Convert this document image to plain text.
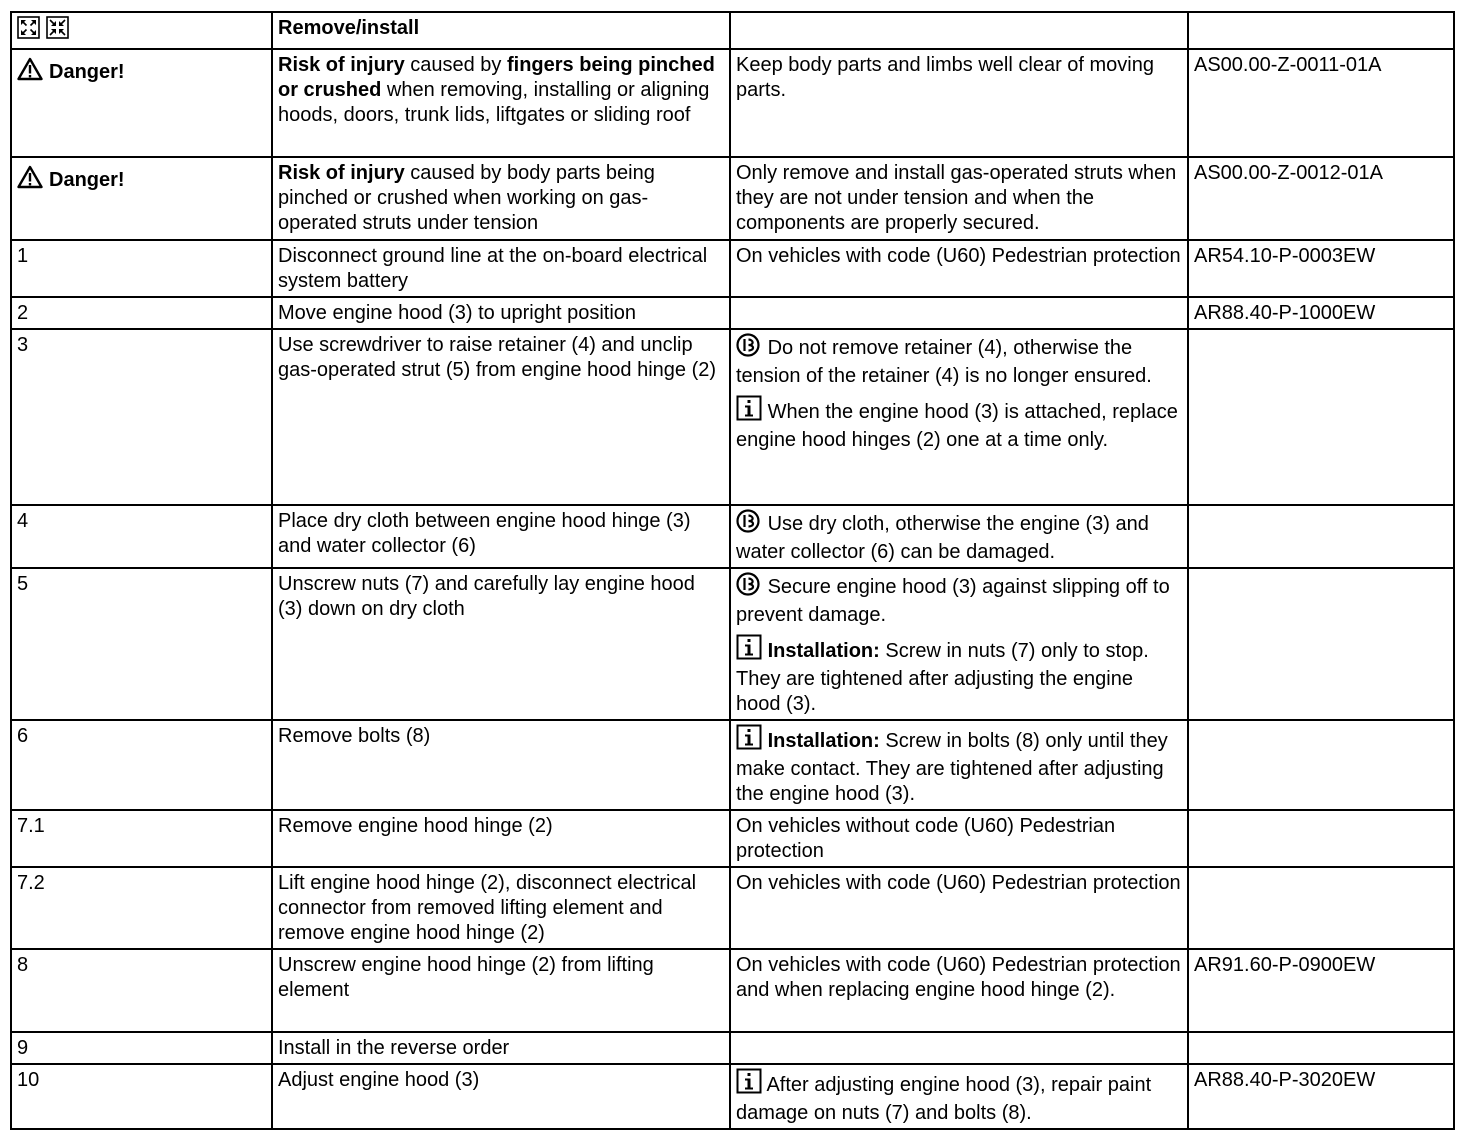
	Remove/install		

Danger!	Risk of injury caused by fingers being pinched or crushed when removing, installing or aligning hoods, doors, trunk lids, liftgates or sliding roof	Keep body parts and limbs well clear of moving parts.	AS00.00-Z-0011-01A

Danger!	Risk of injury caused by body parts being pinched or crushed when working on gas-operated struts under tension	Only remove and install gas-operated struts when they are not under tension and when the components are properly secured.	AS00.00-Z-0012-01A
1	Disconnect ground line at the on-board electrical system battery	On vehicles with code (U60) Pedestrian protection	AR54.10-P-0003EW
2	Move engine hood (3) to upright position		AR88.40-P-1000EW
3	Use screwdriver to raise retainer (4) and unclip gas-operated strut (5) from engine hood hinge (2)	Do not remove retainer (4), otherwise the tension of the retainer (4) is no longer ensured.
When the engine hood (3) is attached, replace engine hood hinges (2) one at a time only.	

4	Place dry cloth between engine hood hinge (3) and water collector (6)	Use dry cloth, otherwise the engine (3) and water collector (6) can be damaged.	

5	Unscrew nuts (7) and carefully lay engine hood (3) down on dry cloth	Secure engine hood (3) against slipping off to prevent damage.
Installation: Screw in nuts (7) only to stop. They are tightened after adjusting the engine hood (3).	

6	Remove bolts (8)	Installation: Screw in bolts (8) only until they make contact. They are tightened after adjusting the engine hood (3).	

7.1	Remove engine hood hinge (2)	On vehicles without code (U60) Pedestrian protection	

7.2	Lift engine hood hinge (2), disconnect electrical connector from removed lifting element and remove engine hood hinge (2)	On vehicles with code (U60) Pedestrian protection	

8	Unscrew engine hood hinge (2) from lifting element	On vehicles with code (U60) Pedestrian protection and when replacing engine hood hinge (2).	AR91.60-P-0900EW
9	Install in the reverse order		
10	Adjust engine hood (3)	After adjusting engine hood (3), repair paint damage on nuts (7) and bolts (8).	AR88.40-P-3020EW
